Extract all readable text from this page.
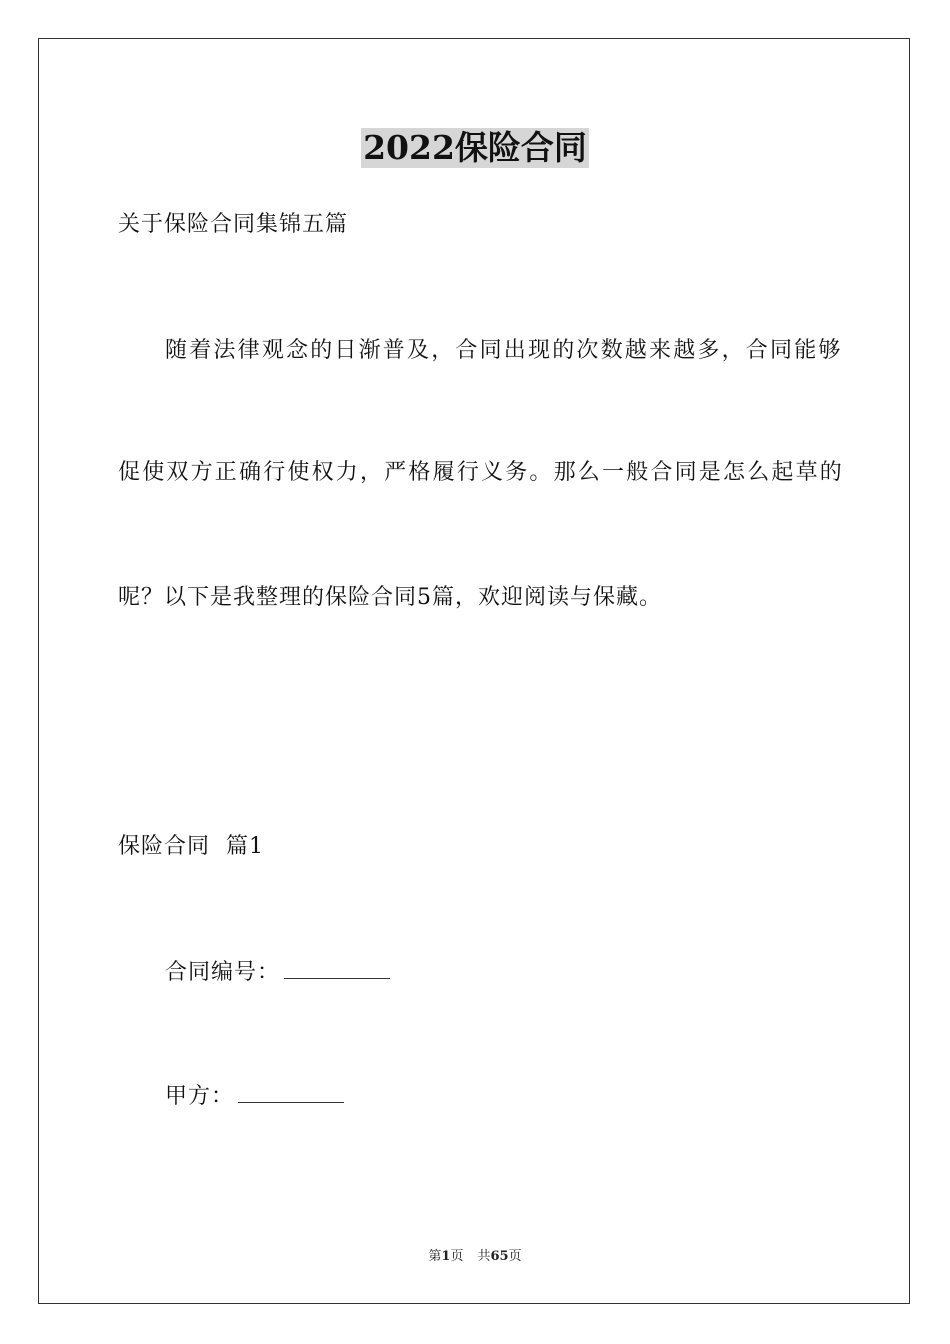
2022保险合同
关于保险合同集锦五篇
随着法律观念的日渐普及，合同出现的次数越来越多，合同能够
促使双方正确行使权力，严格履行义务。那么一般合同是怎么起草的
呢？以下是我整理的保险合同5篇，欢迎阅读与保藏。
保险合同  篇1
合同编号：
甲方：
第1页 共65页
